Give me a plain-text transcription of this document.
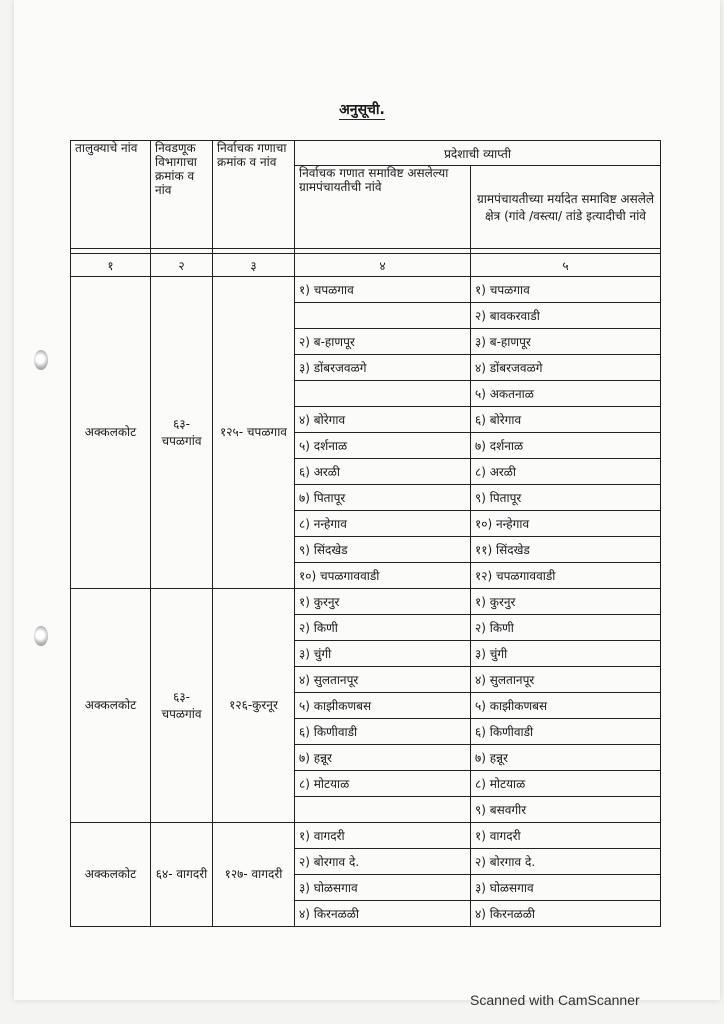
अनुसूची.
तालुक्याचे नांव	निवडणूक विभागाचा क्रमांक व नांव	निर्वाचक गणाचा क्रमांक व नांव	प्रदेशाची व्याप्ती	
			निर्वाचक गणात समाविष्ट असलेल्या ग्रामपंचायतीची नांवे	ग्रामपंचायतीच्या मर्यादेत समाविष्ट असलेले क्षेत्र (गांवे /वस्त्या/ तांडे इत्यादीची नांवे

१	२	३	४	५
अक्कलकोट	६३- चपळगांव	१२५- चपळगाव	१) चपळगाव	१) चपळगाव
				२) बावकरवाडी
			२) ब-हाणपूर	३) ब-हाणपूर
			३) डोंबरजवळगे	४) डोंबरजवळगे
				५) अकतनाळ
			४) बोरेगाव	६) बोरेगाव
			५) दर्शनाळ	७) दर्शनाळ
			६) अरळी	८) अरळी
			७) पितापूर	९) पितापूर
			८) नन्हेगाव	१०) नन्हेगाव
			९) सिंदखेड	११) सिंदखेड
			१०) चपळगाववाडी	१२) चपळगाववाडी
अक्कलकोट	६३- चपळगांव	१२६-कुरनूर	१) कुरनुर	१) कुरनुर
			२) किणी	२) किणी
			३) चुंगी	३) चुंगी
			४) सुलतानपूर	४) सुलतानपूर
			५) काझीकणबस	५) काझीकणबस
			६) किणीवाडी	६) किणीवाडी
			७) हन्नूर	७) हन्नूर
			८) मोटयाळ	८) मोटयाळ
				९) बसवगीर
अक्कलकोट	६४- वागदरी	१२७- वागदरी	१) वागदरी	१) वागदरी
			२) बोरगाव दे.	२) बोरगाव दे.
			३) घोळसगाव	३) घोळसगाव
			४) किरनळळी	४) किरनळळी
Scanned with CamScanner
